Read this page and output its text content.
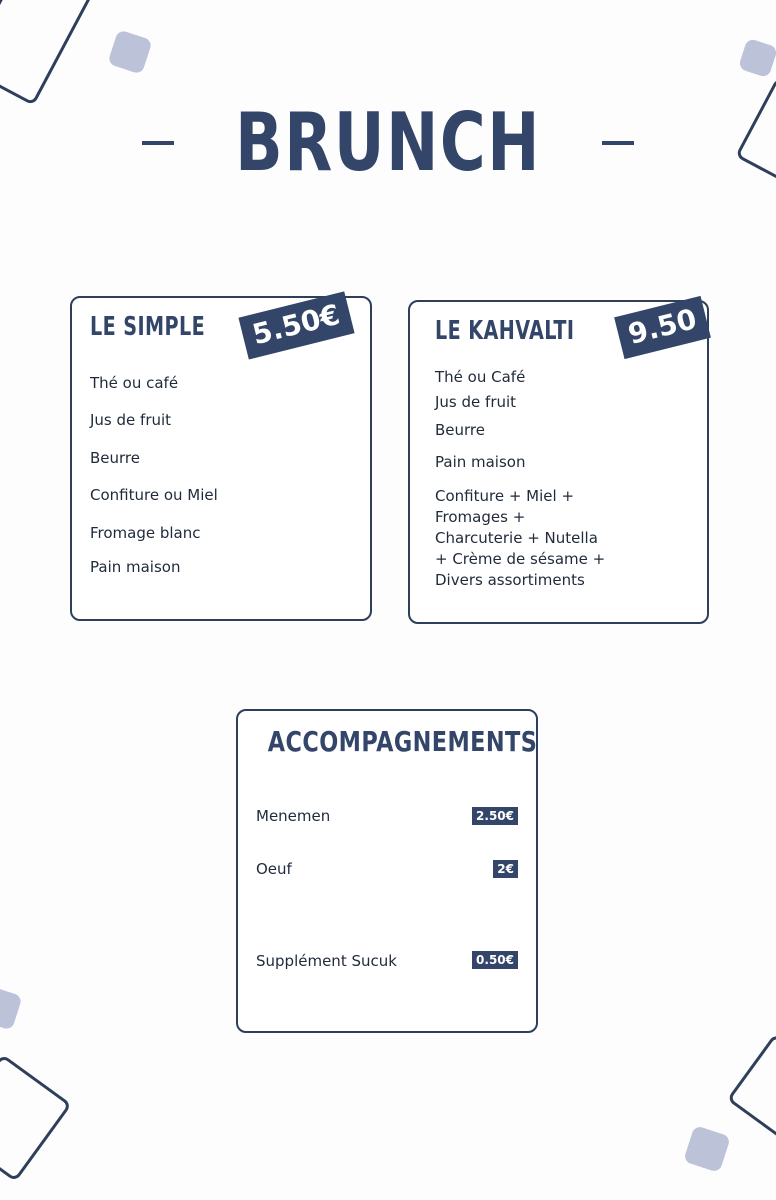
BRUNCH
LE SIMPLE	5.50€
Thé ou café
Jus de fruit
Beurre
Confiture ou Miel
Fromage blanc
Pain maison
LE KAHVALTI	9.50
Thé ou Café
Jus de fruit
Beurre
Pain maison
Confiture + Miel + Fromages + Charcuterie + Nutella + Crème de sésame + Divers assortiments
ACCOMPAGNEMENTS
Menemen	2.50€
Oeuf	2€
Supplément Sucuk	0.50€
